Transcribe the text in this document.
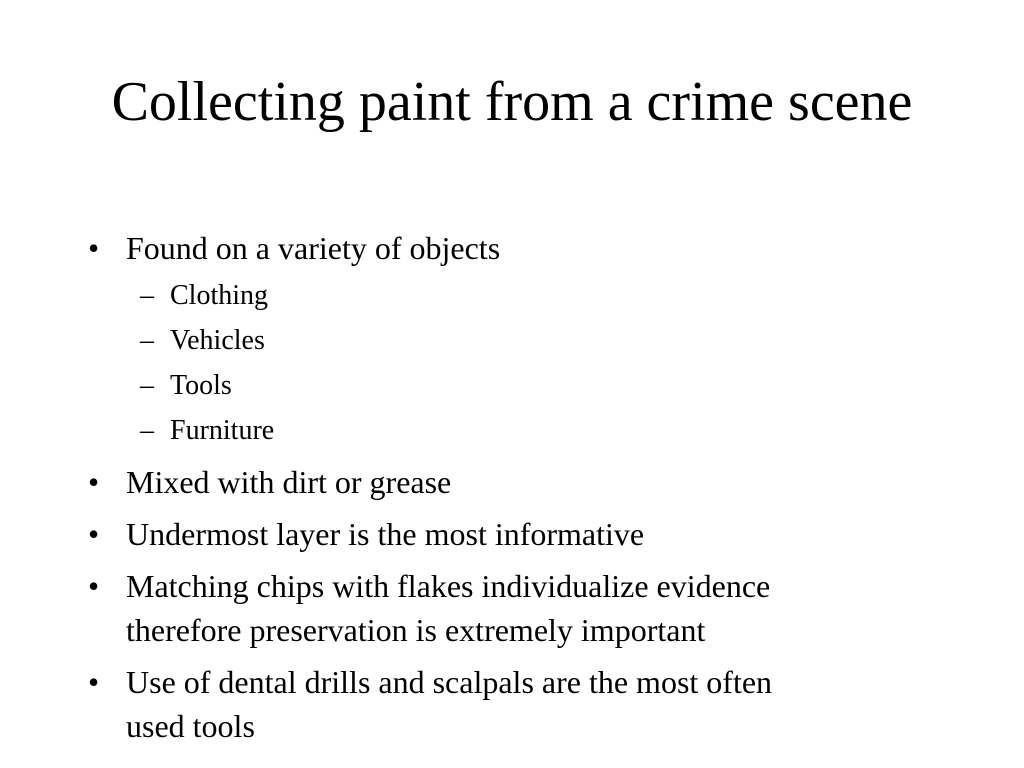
Collecting paint from a crime scene
• Found on a variety of objects
– Clothing
– Vehicles
– Tools
– Furniture
• Mixed with dirt or grease
• Undermost layer is the most informative
• Matching chips with flakes individualize evidence
therefore preservation is extremely important
• Use of dental drills and scalpals are the most often
used tools
